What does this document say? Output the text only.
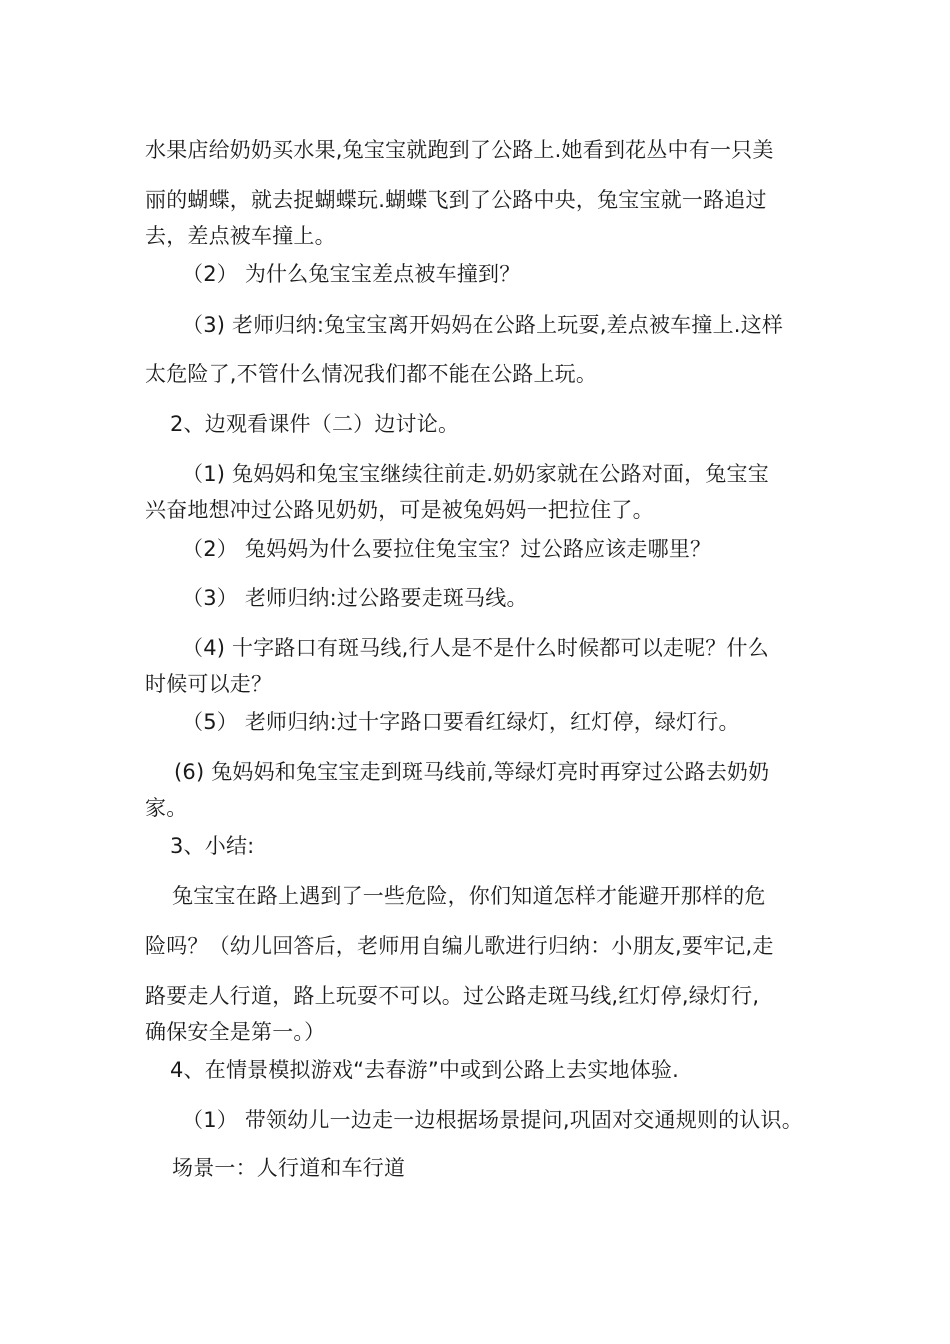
水果店给奶奶买水果,兔宝宝就跑到了公路上.她看到花丛中有一只美
丽的蝴蝶，就去捉蝴蝶玩.蝴蝶飞到了公路中央，兔宝宝就一路追过
去，差点被车撞上。
（2） 为什么兔宝宝差点被车撞到？
（3) 老师归纳:兔宝宝离开妈妈在公路上玩耍,差点被车撞上.这样
太危险了,不管什么情况我们都不能在公路上玩。
2、边观看课件（二）边讨论。
（1) 兔妈妈和兔宝宝继续往前走.奶奶家就在公路对面，兔宝宝
兴奋地想冲过公路见奶奶，可是被兔妈妈一把拉住了。
（2） 兔妈妈为什么要拉住兔宝宝？过公路应该走哪里？
（3） 老师归纳:过公路要走斑马线。
（4) 十字路口有斑马线,行人是不是什么时候都可以走呢？什么
时候可以走？
（5） 老师归纳:过十字路口要看红绿灯，红灯停，绿灯行。
(6) 兔妈妈和兔宝宝走到斑马线前,等绿灯亮时再穿过公路去奶奶
家。
3、小结:
兔宝宝在路上遇到了一些危险，你们知道怎样才能避开那样的危
险吗？（幼儿回答后，老师用自编儿歌进行归纳：小朋友,要牢记,走
路要走人行道，路上玩耍不可以。过公路走斑马线,红灯停,绿灯行,
确保安全是第一。）
4、在情景模拟游戏“去春游”中或到公路上去实地体验.
（1） 带领幼儿一边走一边根据场景提问,巩固对交通规则的认识。
场景一：人行道和车行道
